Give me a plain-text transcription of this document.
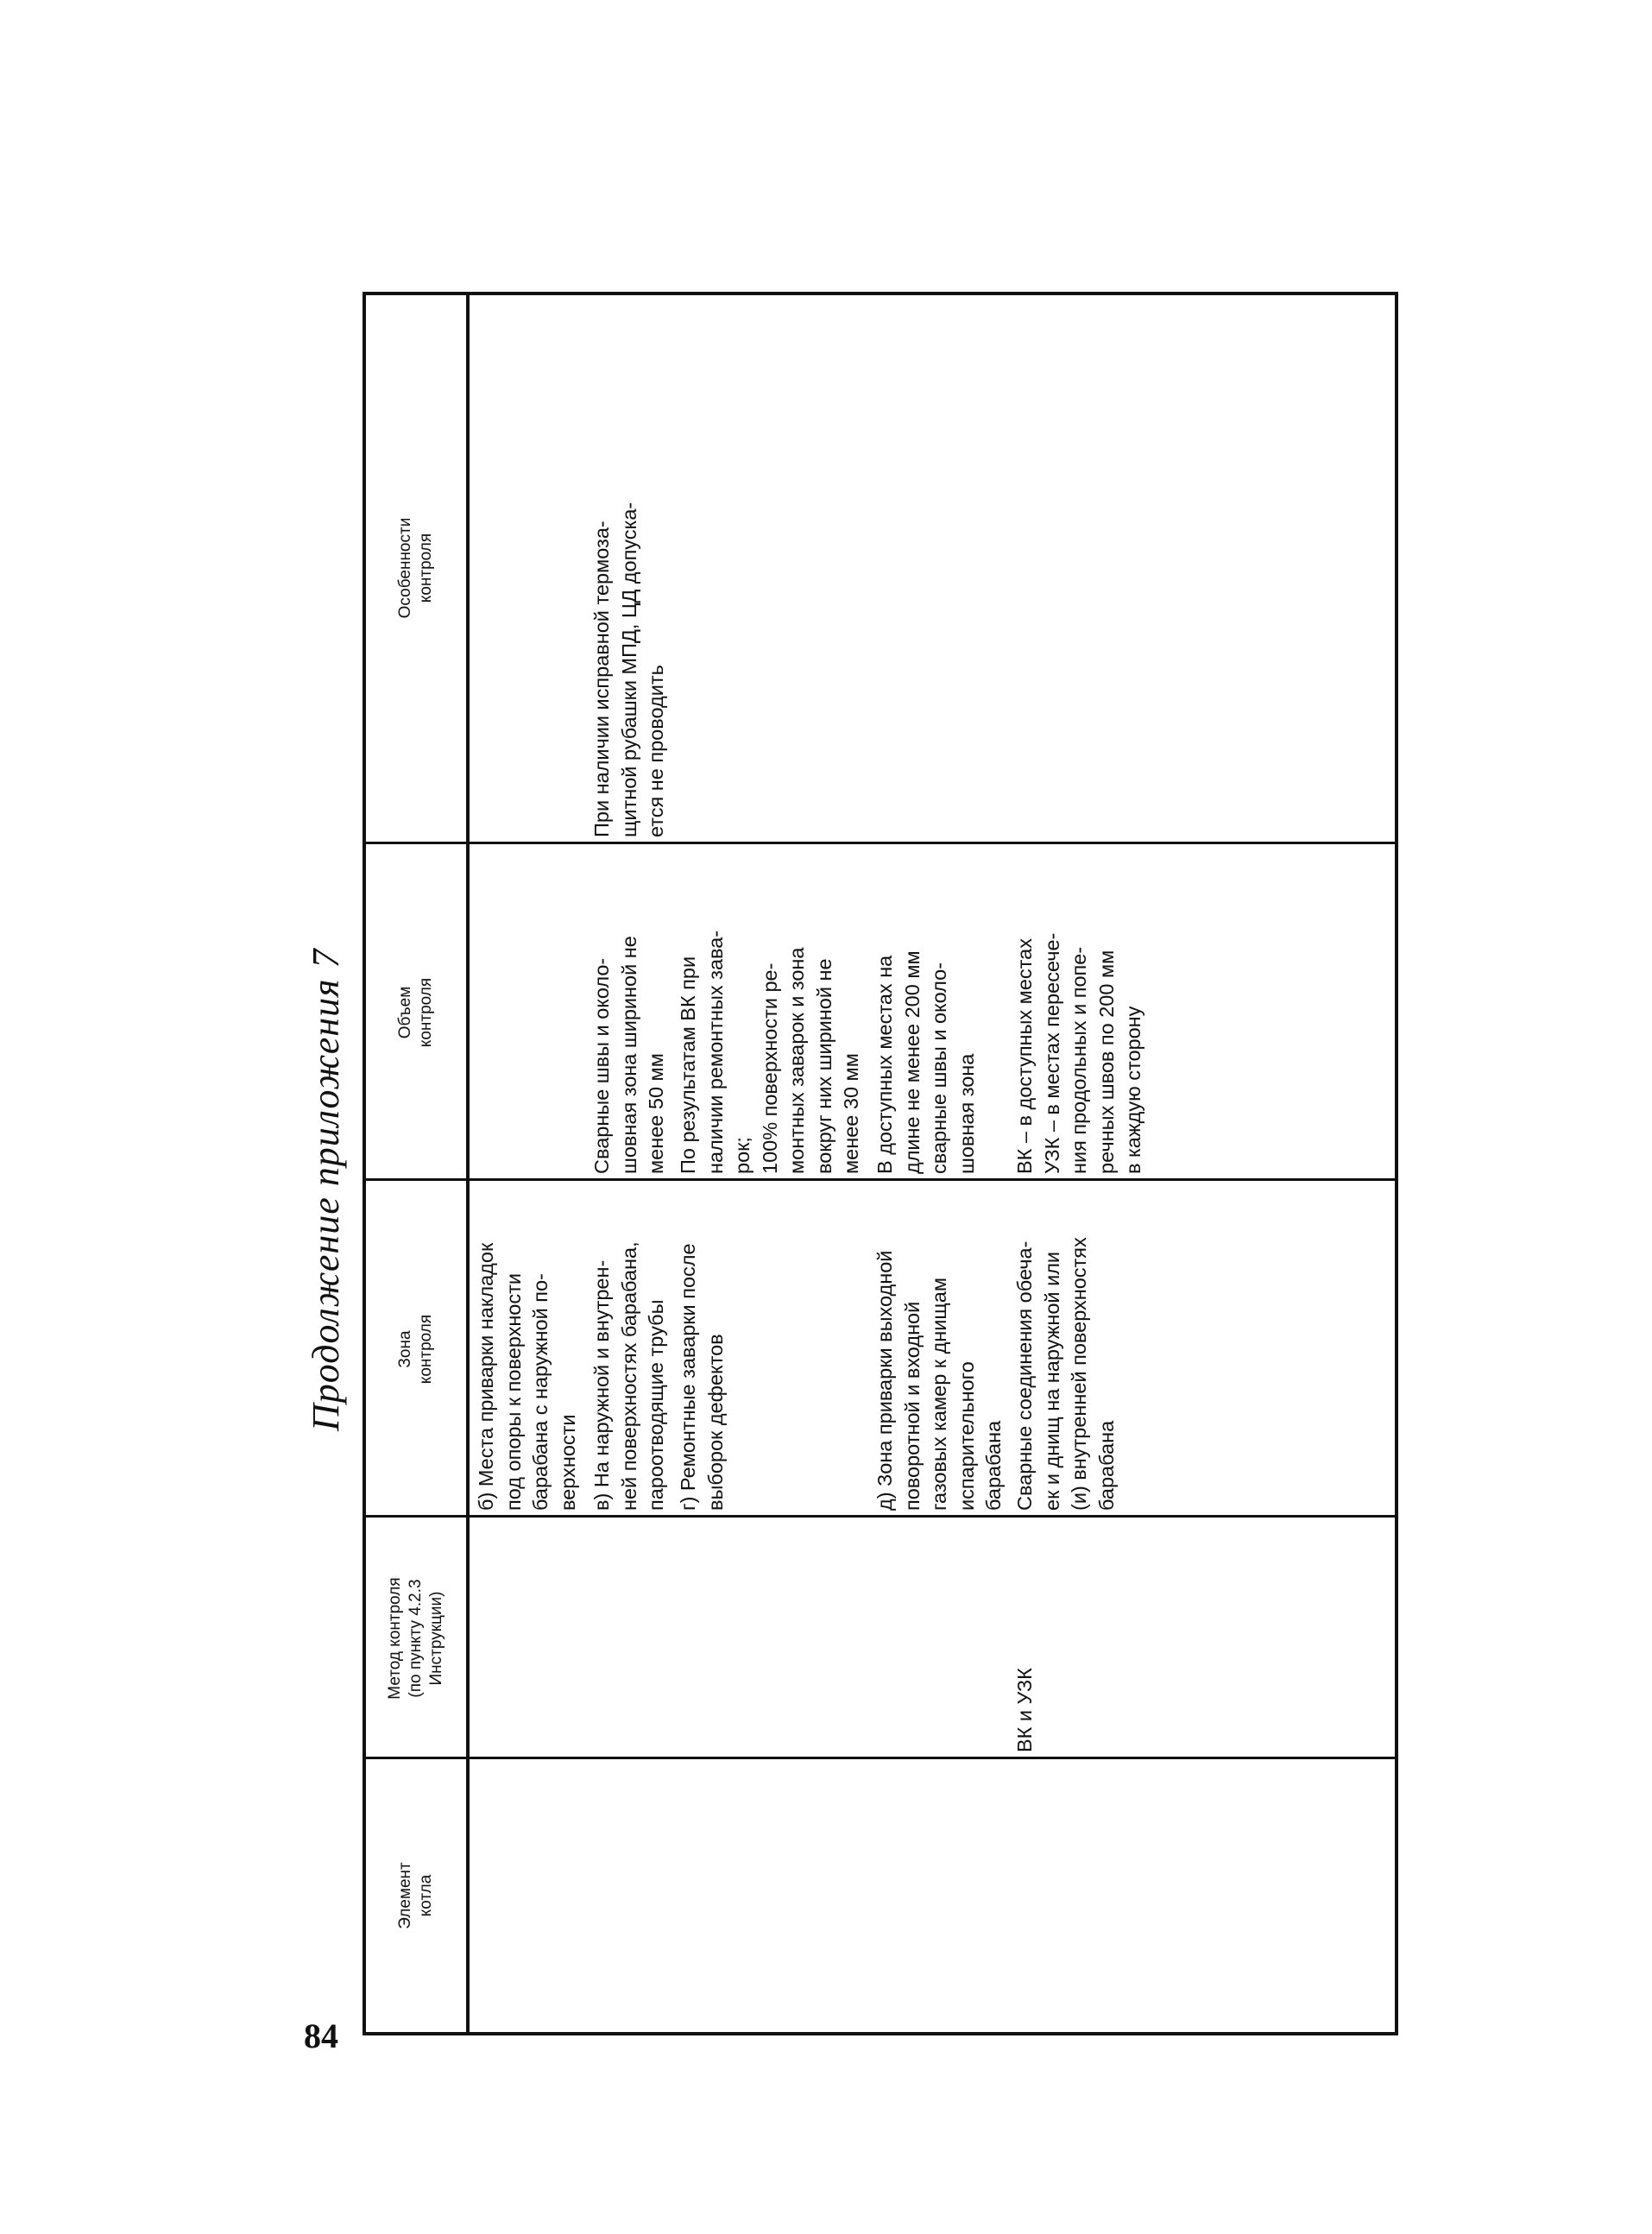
84
Продолжение приложения 7
Элемент
котла
Метод контроля
(по пункту 4.2.3
Инструкции)
Зона
контроля
Объем
контроля
Особенности
контроля
б) Места приварки накладок
под опоры к поверхности
барабана с наружной по-
верхности в) На наружной и внутрен-
ней поверхностях барабана,
пароотводящие трубы
Сварные швы и около-
шовная зона шириной не
менее 50 мм
При наличии исправной термоза-
щитной рубашки МПД, ЦД допуска-
ется не проводить
г) Ремонтные заварки после
выборок дефектов
По результатам ВК при
наличии ремонтных зава-
рок;
100% поверхности ре-
монтных заварок и зона
вокруг них шириной не
менее 30 мм
д) Зона приварки выходной
поворотной и входной
газовых камер к днищам
испарительного
барабана
В доступных местах на
длине не менее 200 мм
сварные швы и около-
шовная зона
ВК и УЗК
Сварные соединения обеча-
ек и днищ на наружной или
(и) внутренней поверхностях
барабана
ВК – в доступных местах
УЗК – в местах пересече-
ния продольных и попе-
речных швов по 200 мм
в каждую сторону
